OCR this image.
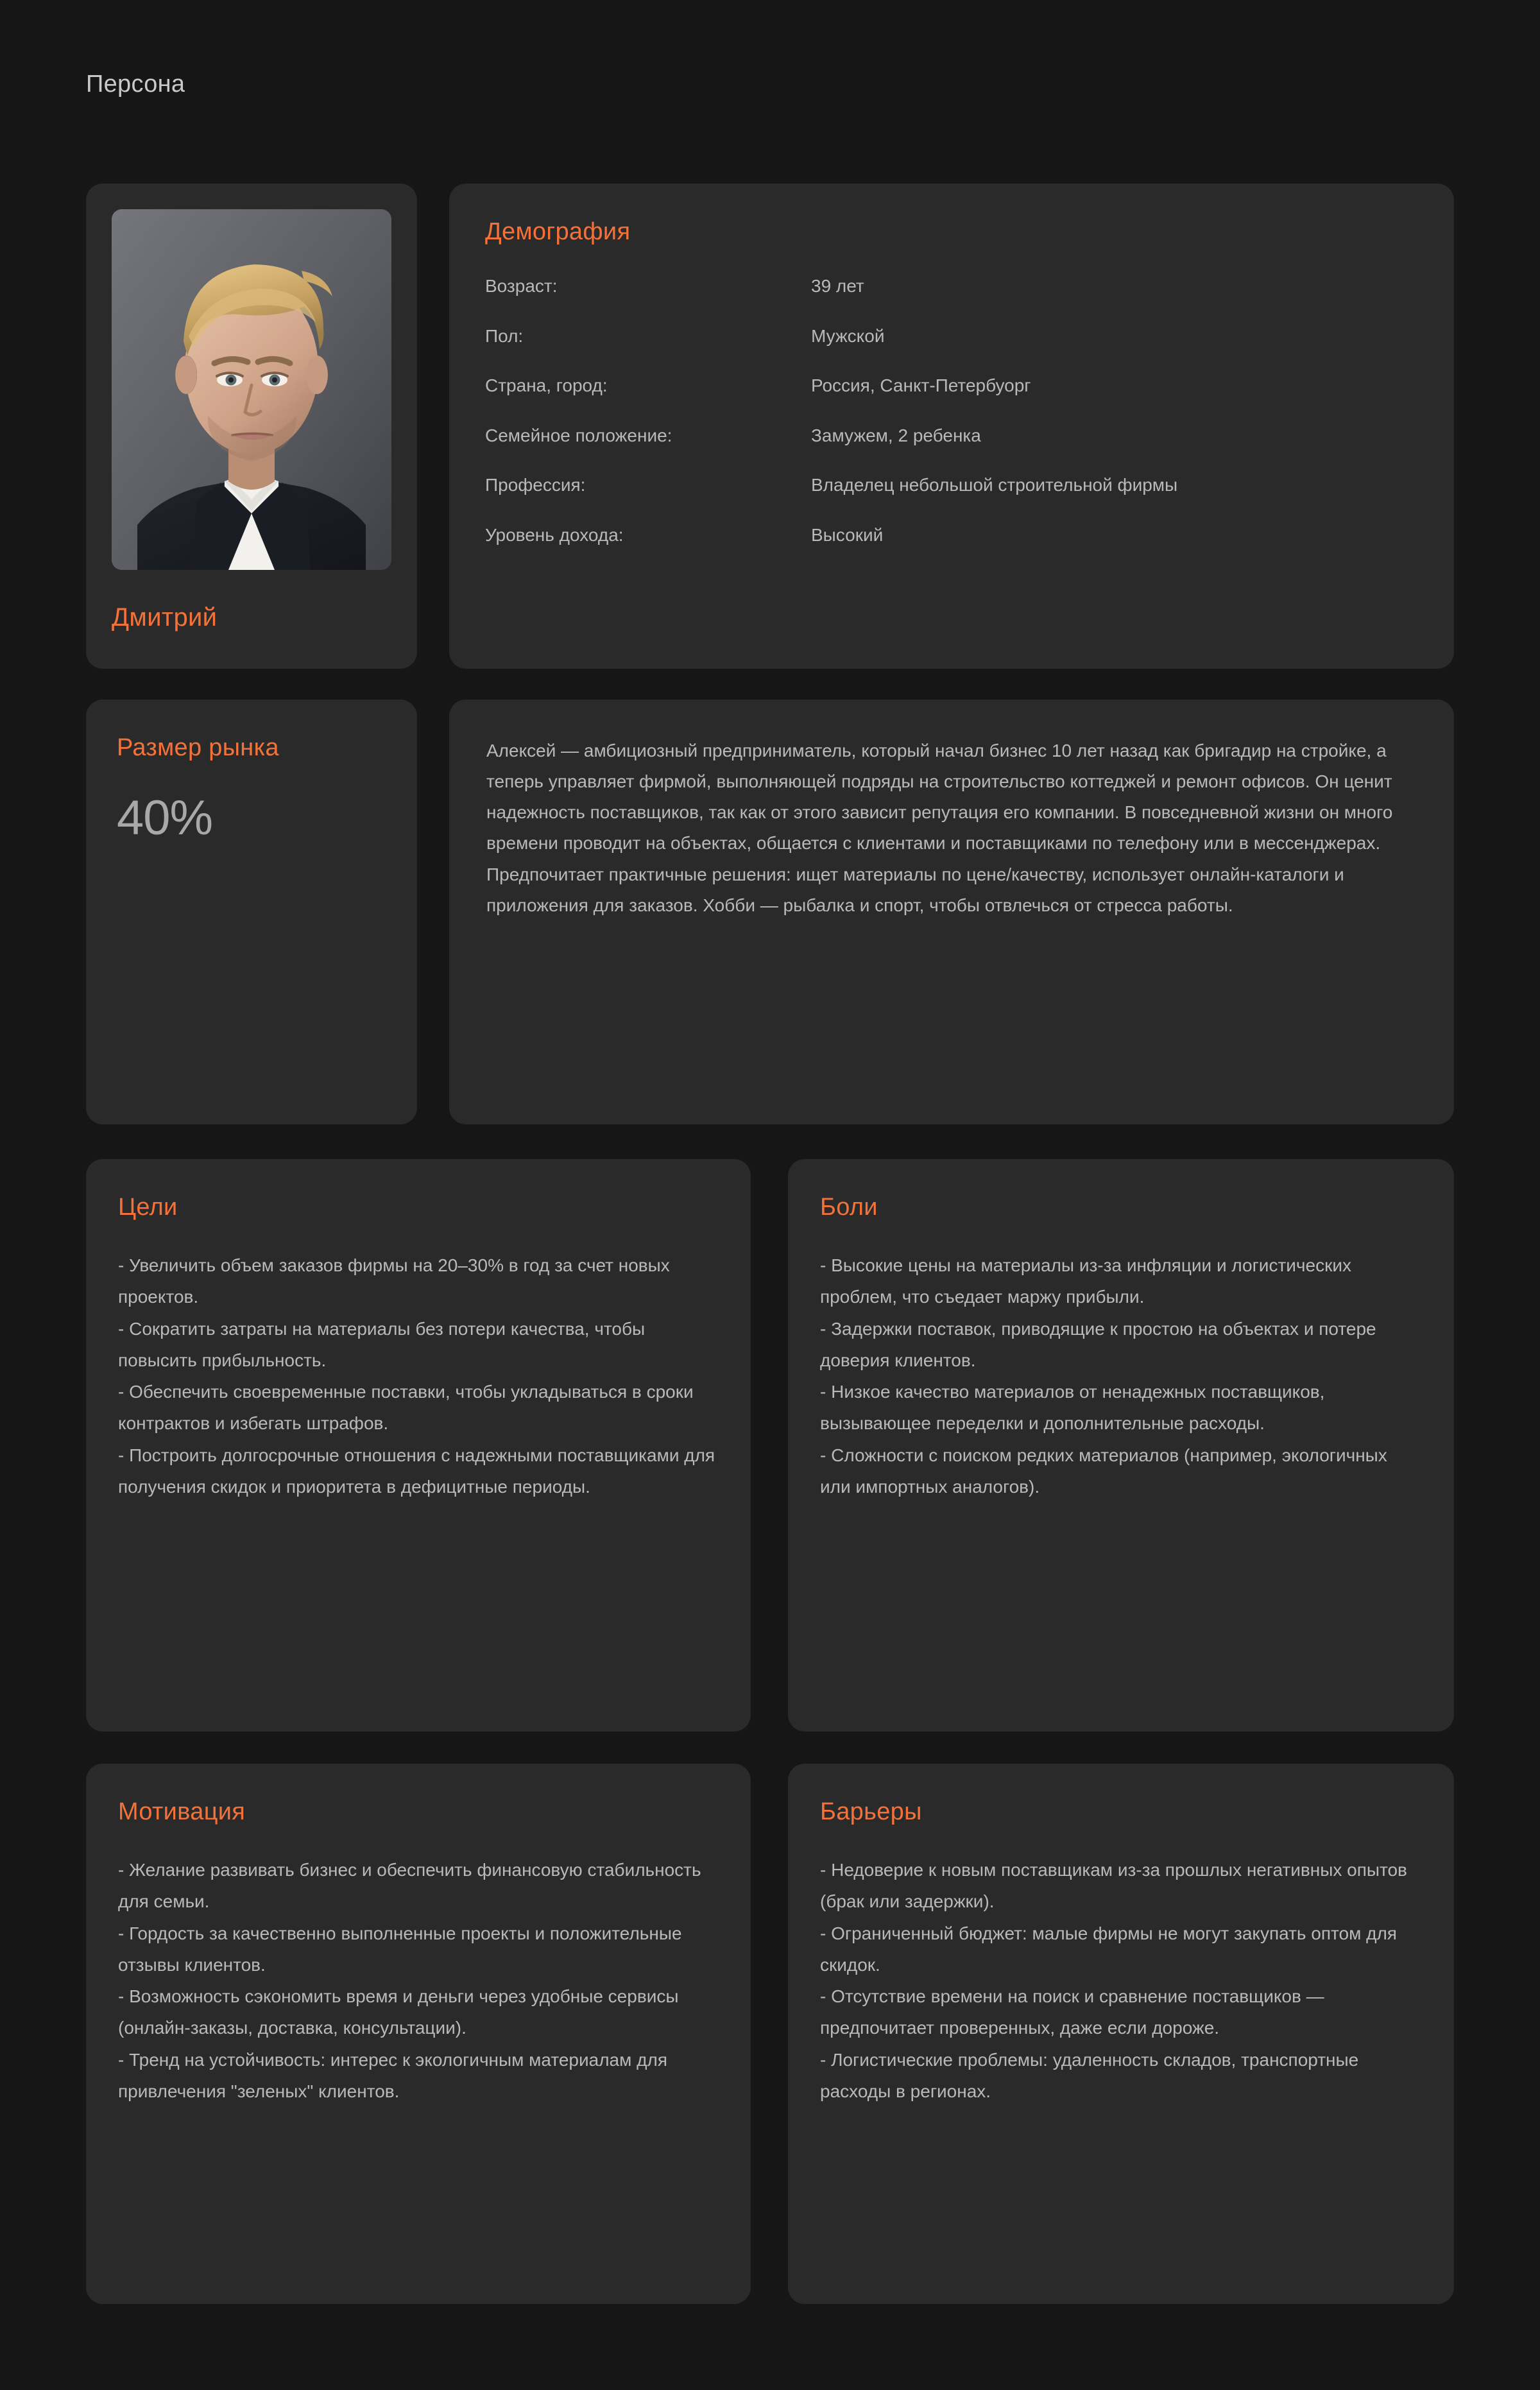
Персона
Дмитрий
Демография
Возраст:	39 лет
Пол:	Мужской
Страна, город:	Россия, Санкт-Петербуорг
Семейное положение:	Замужем, 2 ребенка
Профессия:	Владелец небольшой строительной фирмы
Уровень дохода:	Высокий
Размер рынка
40%
Алексей — амбициозный предприниматель, который начал бизнес 10 лет назад как бригадир на стройке, а теперь управляет фирмой, выполняющей подряды на строительство коттеджей и ремонт офисов. Он ценит надежность поставщиков, так как от этого зависит репутация его компании. В повседневной жизни он много времени проводит на объектах, общается с клиентами и поставщиками по телефону или в мессенджерах. Предпочитает практичные решения: ищет материалы по цене/качеству, использует онлайн-каталоги и приложения для заказов. Хобби — рыбалка и спорт, чтобы отвлечься от стресса работы.
Цели
- Увеличить объем заказов фирмы на 20–30% в год за счет новых проектов.
- Сократить затраты на материалы без потери качества, чтобы повысить прибыльность.
- Обеспечить своевременные поставки, чтобы укладываться в сроки контрактов и избегать штрафов.
- Построить долгосрочные отношения с надежными поставщиками для получения скидок и приоритета в дефицитные периоды.
Боли
- Высокие цены на материалы из-за инфляции и логистических проблем, что съедает маржу прибыли.
- Задержки поставок, приводящие к простою на объектах и потере доверия клиентов.
- Низкое качество материалов от ненадежных поставщиков, вызывающее переделки и дополнительные расходы.
- Сложности с поиском редких материалов (например, экологичных или импортных аналогов).
Мотивация
- Желание развивать бизнес и обеспечить финансовую стабильность для семьи.
- Гордость за качественно выполненные проекты и положительные отзывы клиентов.
- Возможность сэкономить время и деньги через удобные сервисы (онлайн-заказы, доставка, консультации).
- Тренд на устойчивость: интерес к экологичным материалам для привлечения "зеленых" клиентов.
Барьеры
- Недоверие к новым поставщикам из-за прошлых негативных опытов (брак или задержки).
- Ограниченный бюджет: малые фирмы не могут закупать оптом для скидок.
- Отсутствие времени на поиск и сравнение поставщиков — предпочитает проверенных, даже если дороже.
- Логистические проблемы: удаленность складов, транспортные расходы в регионах.
